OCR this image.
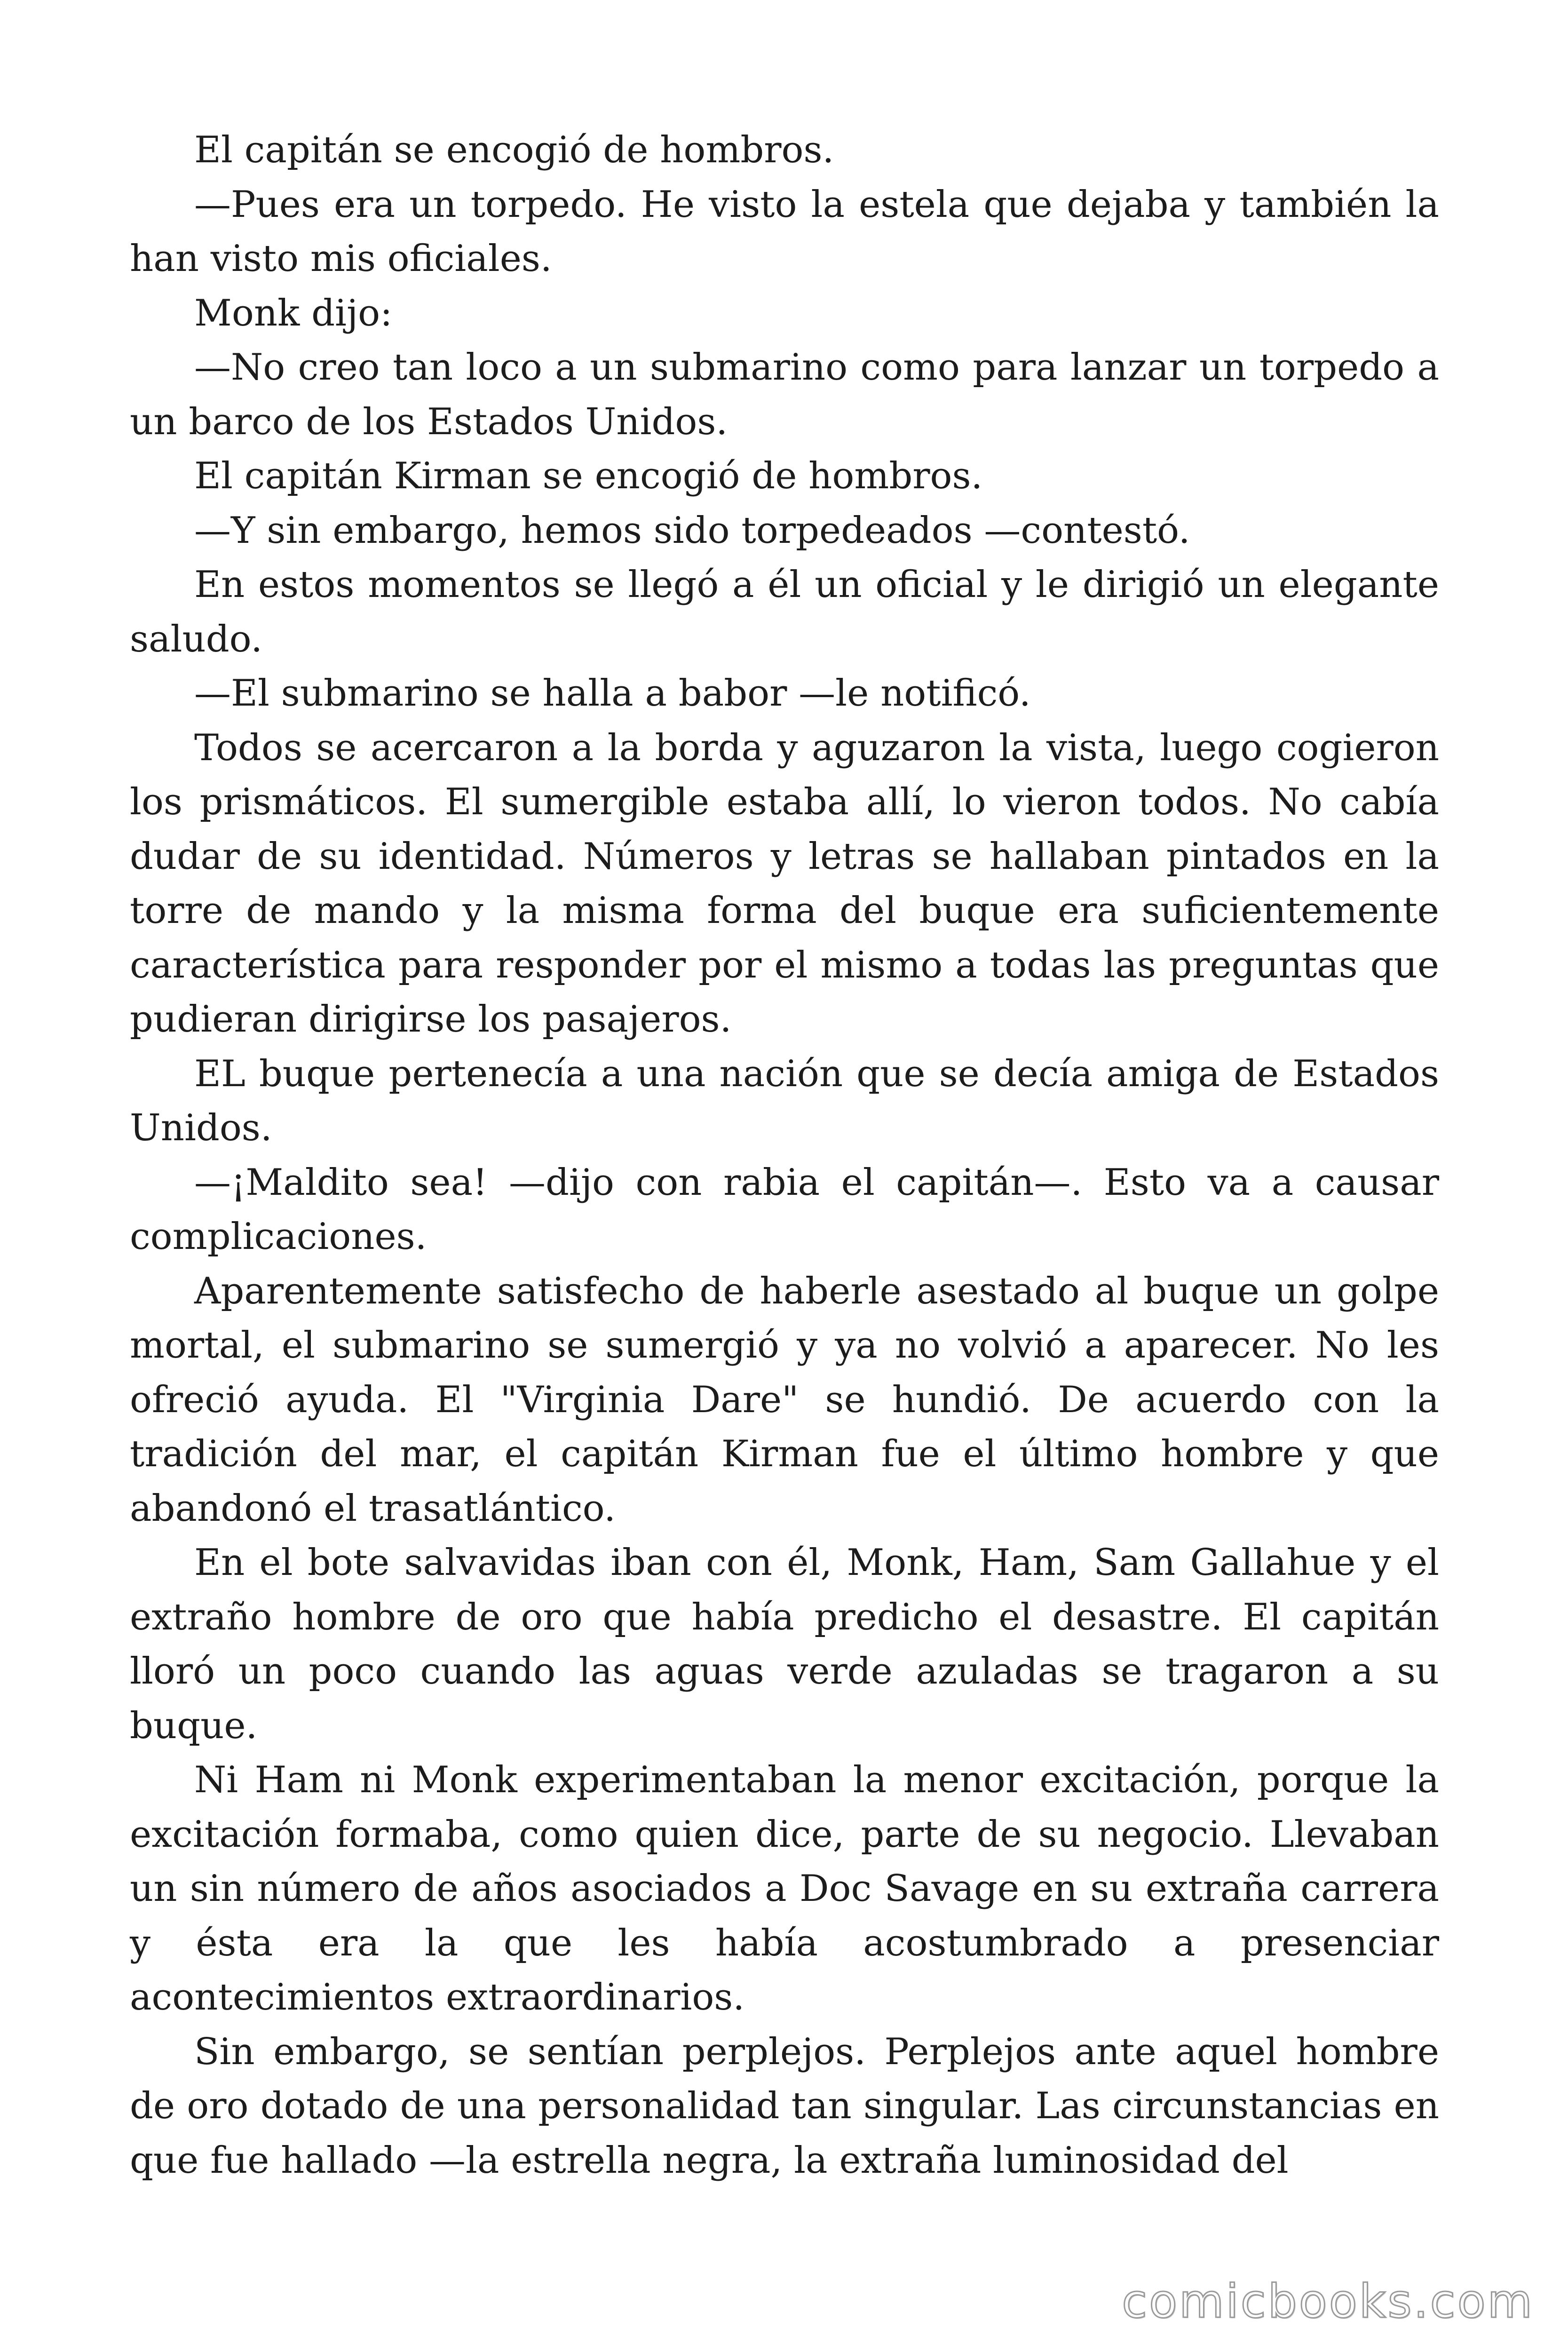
El capitán se encogió de hombros.

—Pues era un torpedo. He visto la estela que dejaba y también la han visto mis oficiales.

Monk dijo:

—No creo tan loco a un submarino como para lanzar un torpedo a un barco de los Estados Unidos.

El capitán Kirman se encogió de hombros.

—Y sin embargo, hemos sido torpedeados —contestó.

En estos momentos se llegó a él un oficial y le dirigió un elegante saludo.

—El submarino se halla a babor —le notificó.

Todos se acercaron a la borda y aguzaron la vista, luego cogieron los prismáticos. El sumergible estaba allí, lo vieron todos. No cabía dudar de su identidad. Números y letras se hallaban pintados en la torre de mando y la misma forma del buque era suficientemente característica para responder por el mismo a todas las preguntas que pudieran dirigirse los pasajeros.

EL buque pertenecía a una nación que se decía amiga de Estados Unidos.

—¡Maldito sea! —dijo con rabia el capitán—. Esto va a causar complicaciones.

Aparentemente satisfecho de haberle asestado al buque un golpe mortal, el submarino se sumergió y ya no volvió a aparecer. No les ofreció ayuda. El "Virginia Dare" se hundió. De acuerdo con la tradición del mar, el capitán Kirman fue el último hombre y que abandonó el trasatlántico.

En el bote salvavidas iban con él, Monk, Ham, Sam Gallahue y el extraño hombre de oro que había predicho el desastre. El capitán lloró un poco cuando las aguas verde azuladas se tragaron a su buque.

Ni Ham ni Monk experimentaban la menor excitación, porque la excitación formaba, como quien dice, parte de su negocio. Llevaban un sin número de años asociados a Doc Savage en su extraña carrera y ésta era la que les había acostumbrado a presenciar acontecimientos extraordinarios.

Sin embargo, se sentían perplejos. Perplejos ante aquel hombre de oro dotado de una personalidad tan singular. Las circunstancias en que fue hallado —la estrella negra, la extraña luminosidad del

comicbooks.com
